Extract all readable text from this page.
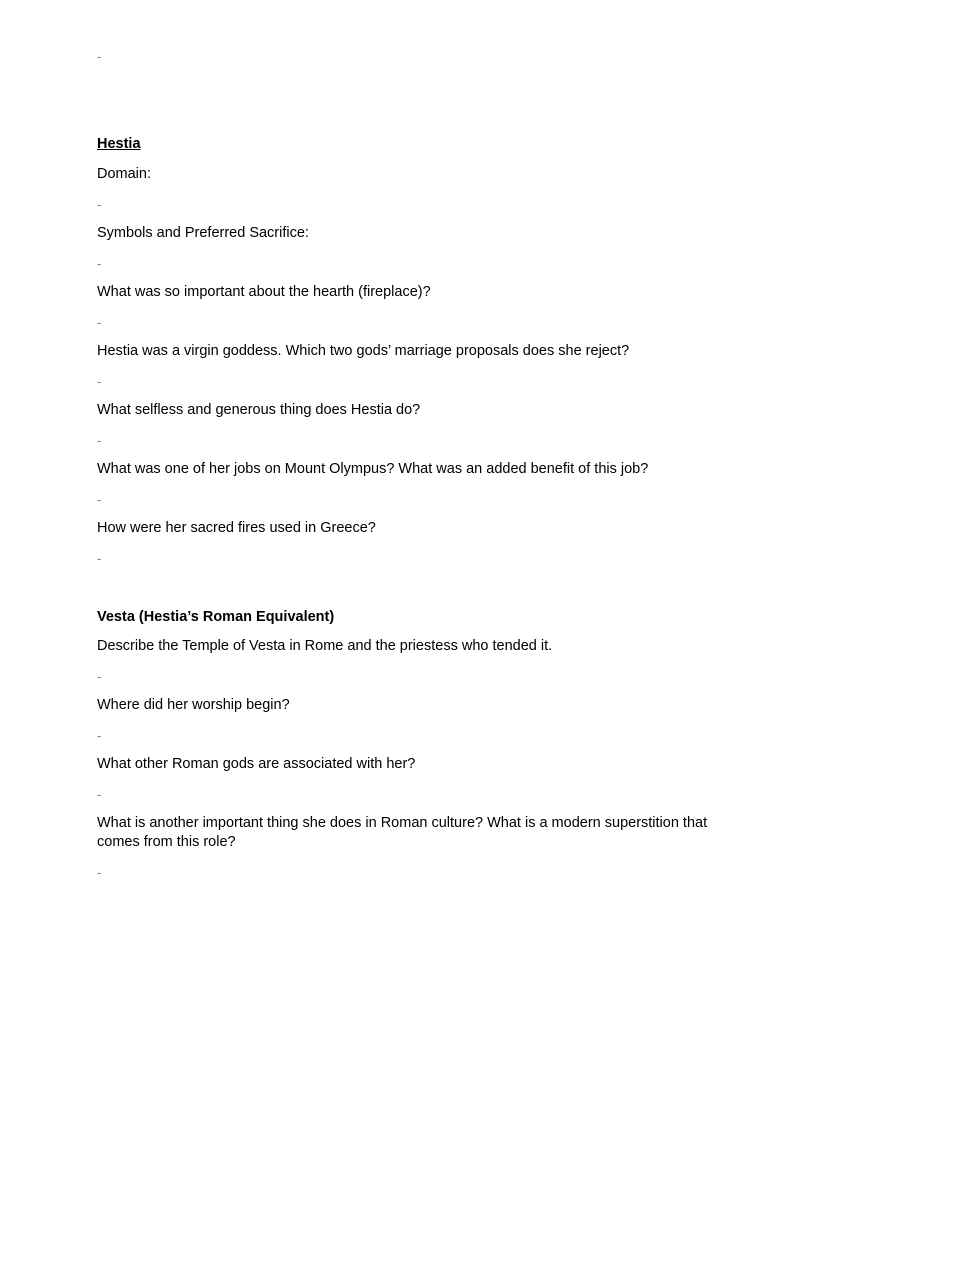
-
Hestia
Domain:
-
Symbols and Preferred Sacrifice:
-
What was so important about the hearth (fireplace)?
-
Hestia was a virgin goddess. Which two gods’ marriage proposals does she reject?
-
What selfless and generous thing does Hestia do?
-
What was one of her jobs on Mount Olympus? What was an added benefit of this job?
-
How were her sacred fires used in Greece?
-
Vesta (Hestia’s Roman Equivalent)
Describe the Temple of Vesta in Rome and the priestess who tended it.
-
Where did her worship begin?
-
What other Roman gods are associated with her?
-
What is another important thing she does in Roman culture? What is a modern superstition that comes from this role?
-
